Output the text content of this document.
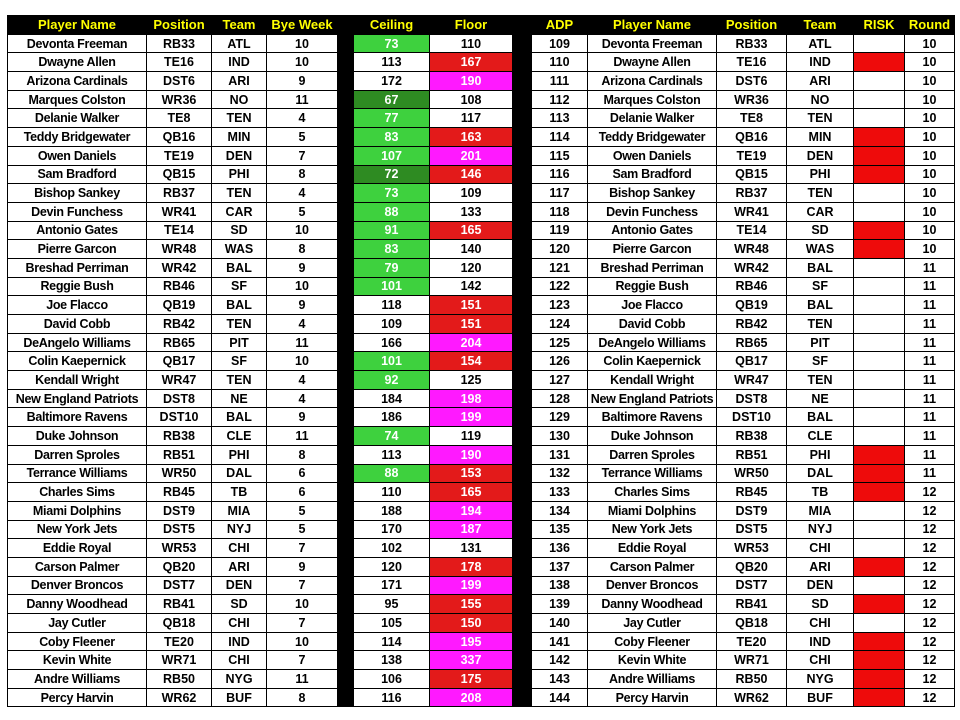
Player Name	Position	Team	Bye Week		Ceiling	Floor		ADP	Player Name	Position	Team	RISK	Round
Devonta Freeman	RB33	ATL	10		73	110		109	Devonta Freeman	RB33	ATL		10
Dwayne Allen	TE16	IND	10		113	167		110	Dwayne Allen	TE16	IND		10
Arizona Cardinals	DST6	ARI	9		172	190		111	Arizona Cardinals	DST6	ARI		10
Marques Colston	WR36	NO	11		67	108		112	Marques Colston	WR36	NO		10
Delanie Walker	TE8	TEN	4		77	117		113	Delanie Walker	TE8	TEN		10
Teddy Bridgewater	QB16	MIN	5		83	163		114	Teddy Bridgewater	QB16	MIN		10
Owen Daniels	TE19	DEN	7		107	201		115	Owen Daniels	TE19	DEN		10
Sam Bradford	QB15	PHI	8		72	146		116	Sam Bradford	QB15	PHI		10
Bishop Sankey	RB37	TEN	4		73	109		117	Bishop Sankey	RB37	TEN		10
Devin Funchess	WR41	CAR	5		88	133		118	Devin Funchess	WR41	CAR		10
Antonio Gates	TE14	SD	10		91	165		119	Antonio Gates	TE14	SD		10
Pierre Garcon	WR48	WAS	8		83	140		120	Pierre Garcon	WR48	WAS		10
Breshad Perriman	WR42	BAL	9		79	120		121	Breshad Perriman	WR42	BAL		11
Reggie Bush	RB46	SF	10		101	142		122	Reggie Bush	RB46	SF		11
Joe Flacco	QB19	BAL	9		118	151		123	Joe Flacco	QB19	BAL		11
David Cobb	RB42	TEN	4		109	151		124	David Cobb	RB42	TEN		11
DeAngelo Williams	RB65	PIT	11		166	204		125	DeAngelo Williams	RB65	PIT		11
Colin Kaepernick	QB17	SF	10		101	154		126	Colin Kaepernick	QB17	SF		11
Kendall Wright	WR47	TEN	4		92	125		127	Kendall Wright	WR47	TEN		11
New England Patriots	DST8	NE	4		184	198		128	New England Patriots	DST8	NE		11
Baltimore Ravens	DST10	BAL	9		186	199		129	Baltimore Ravens	DST10	BAL		11
Duke Johnson	RB38	CLE	11		74	119		130	Duke Johnson	RB38	CLE		11
Darren Sproles	RB51	PHI	8		113	190		131	Darren Sproles	RB51	PHI		11
Terrance Williams	WR50	DAL	6		88	153		132	Terrance Williams	WR50	DAL		11
Charles Sims	RB45	TB	6		110	165		133	Charles Sims	RB45	TB		12
Miami Dolphins	DST9	MIA	5		188	194		134	Miami Dolphins	DST9	MIA		12
New York Jets	DST5	NYJ	5		170	187		135	New York Jets	DST5	NYJ		12
Eddie Royal	WR53	CHI	7		102	131		136	Eddie Royal	WR53	CHI		12
Carson Palmer	QB20	ARI	9		120	178		137	Carson Palmer	QB20	ARI		12
Denver Broncos	DST7	DEN	7		171	199		138	Denver Broncos	DST7	DEN		12
Danny Woodhead	RB41	SD	10		95	155		139	Danny Woodhead	RB41	SD		12
Jay Cutler	QB18	CHI	7		105	150		140	Jay Cutler	QB18	CHI		12
Coby Fleener	TE20	IND	10		114	195		141	Coby Fleener	TE20	IND		12
Kevin White	WR71	CHI	7		138	337		142	Kevin White	WR71	CHI		12
Andre Williams	RB50	NYG	11		106	175		143	Andre Williams	RB50	NYG		12
Percy Harvin	WR62	BUF	8		116	208		144	Percy Harvin	WR62	BUF		12
